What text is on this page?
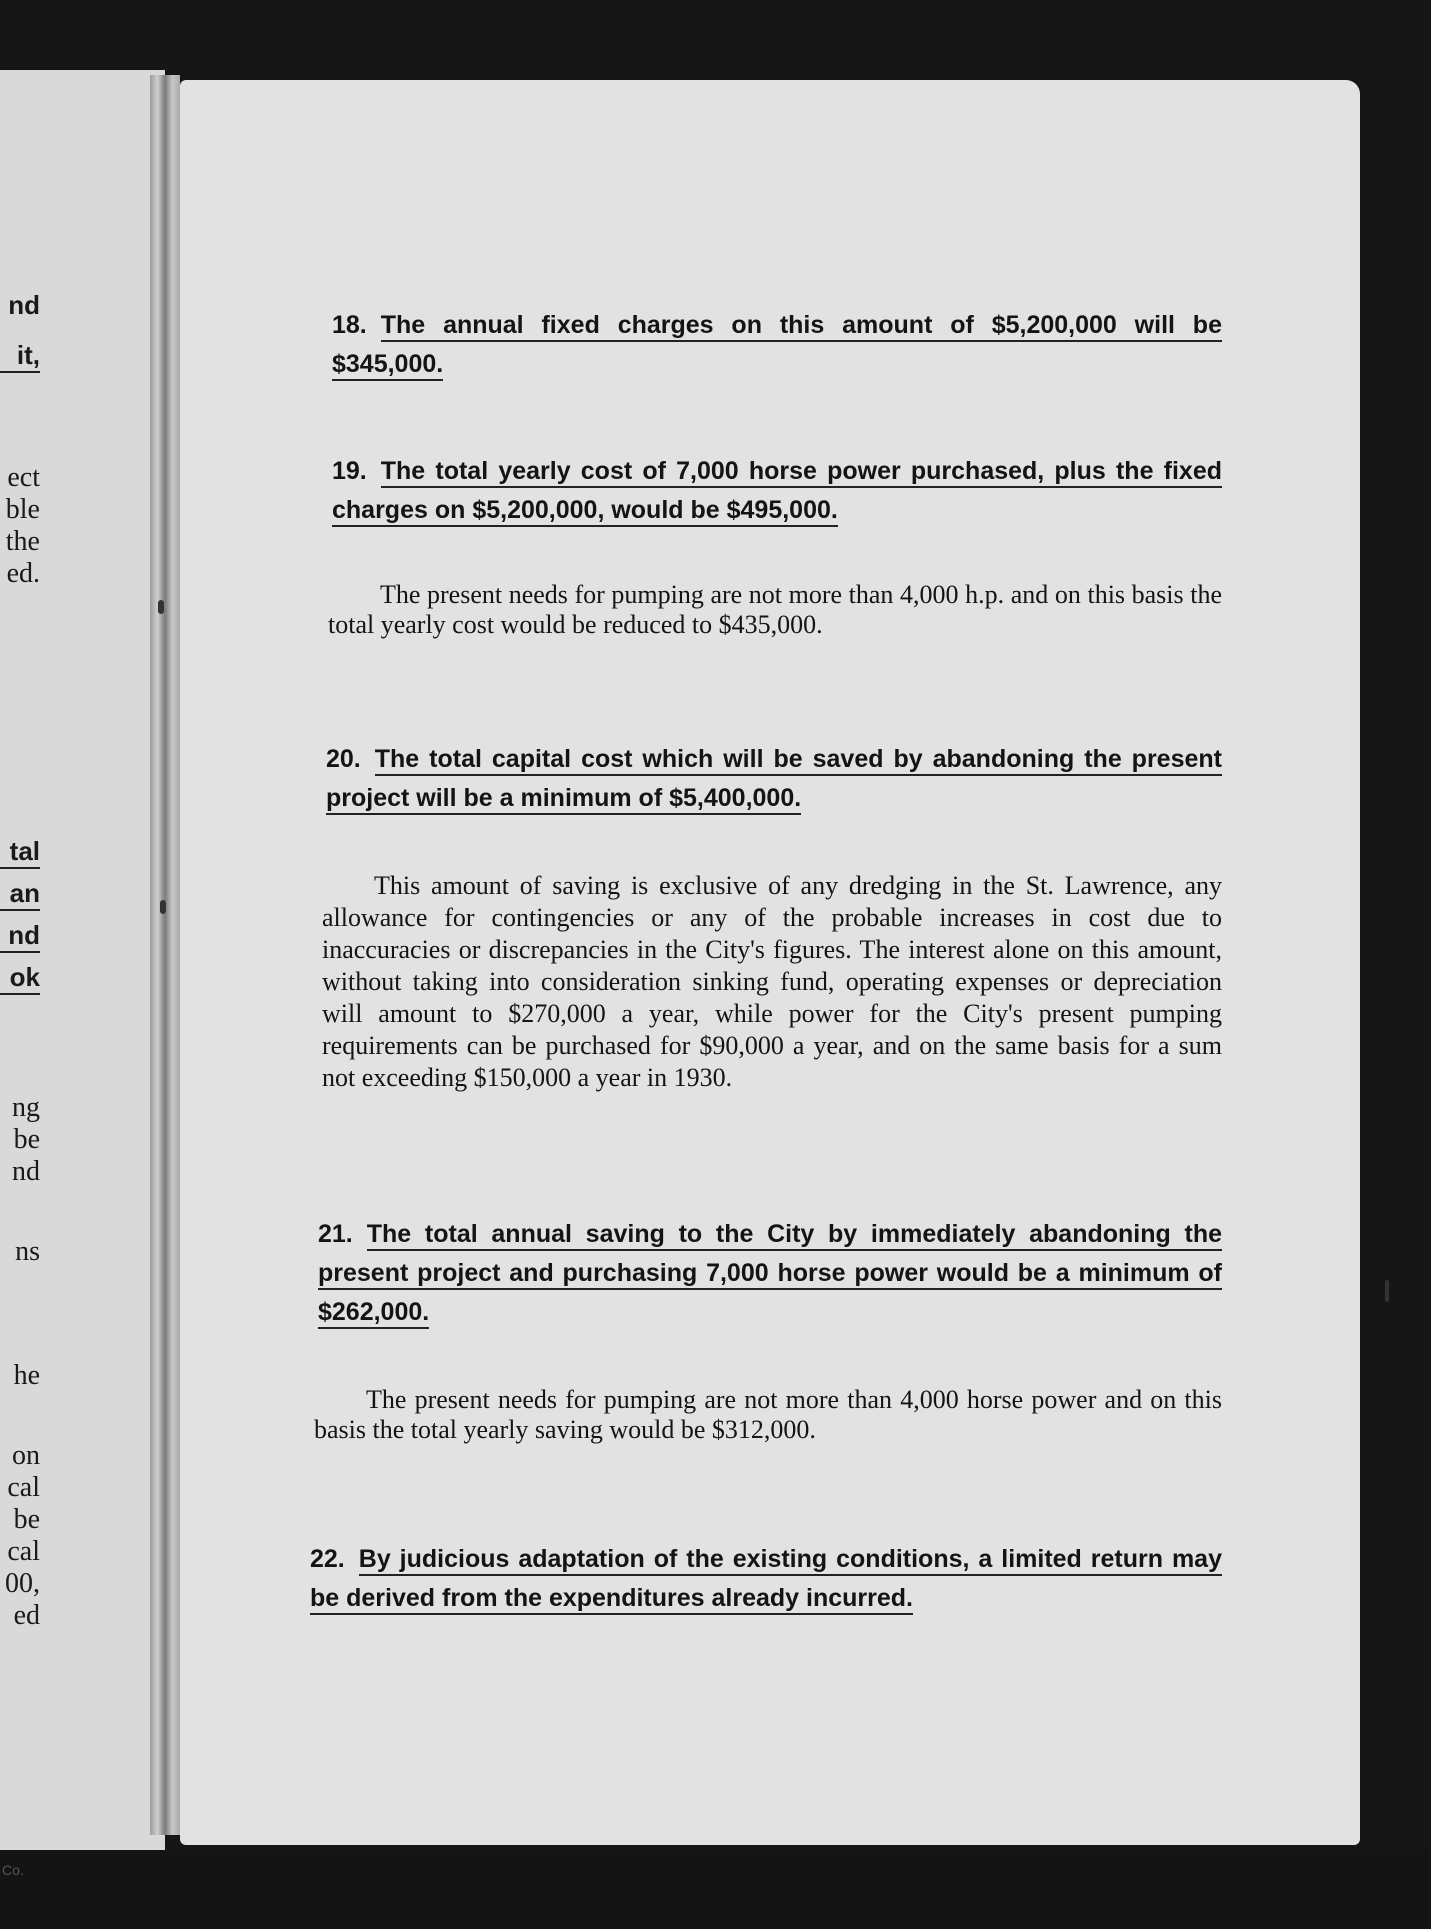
nd
it,
ect
ble
the
ed.
tal
an
nd
ok
ng
be
nd
ns
he
on
cal
be
cal
00,
ed
18. The annual fixed charges on this amount of $5,200,000 will be $345,000.
19. The total yearly cost of 7,000 horse power purchased, plus the fixed charges on $5,200,000, would be $495,000.
The present needs for pumping are not more than 4,000 h.p. and on this basis the total yearly cost would be reduced to $435,000.
20. The total capital cost which will be saved by abandoning the present project will be a minimum of $5,400,000.
This amount of saving is exclusive of any dredging in the St. Lawrence, any allowance for contingencies or any of the probable increases in cost due to inaccuracies or discrepancies in the City's figures. The interest alone on this amount, without taking into consideration sinking fund, operating expenses or depreciation will amount to $270,000 a year, while power for the City's present pumping requirements can be purchased for $90,000 a year, and on the same basis for a sum not exceeding $150,000 a year in 1930.
21. The total annual saving to the City by immediately abandoning the present project and purchasing 7,000 horse power would be a minimum of $262,000.
The present needs for pumping are not more than 4,000 horse power and on this basis the total yearly saving would be $312,000.
22. By judicious adaptation of the existing conditions, a limited return may be derived from the expenditures already incurred.
Co.
